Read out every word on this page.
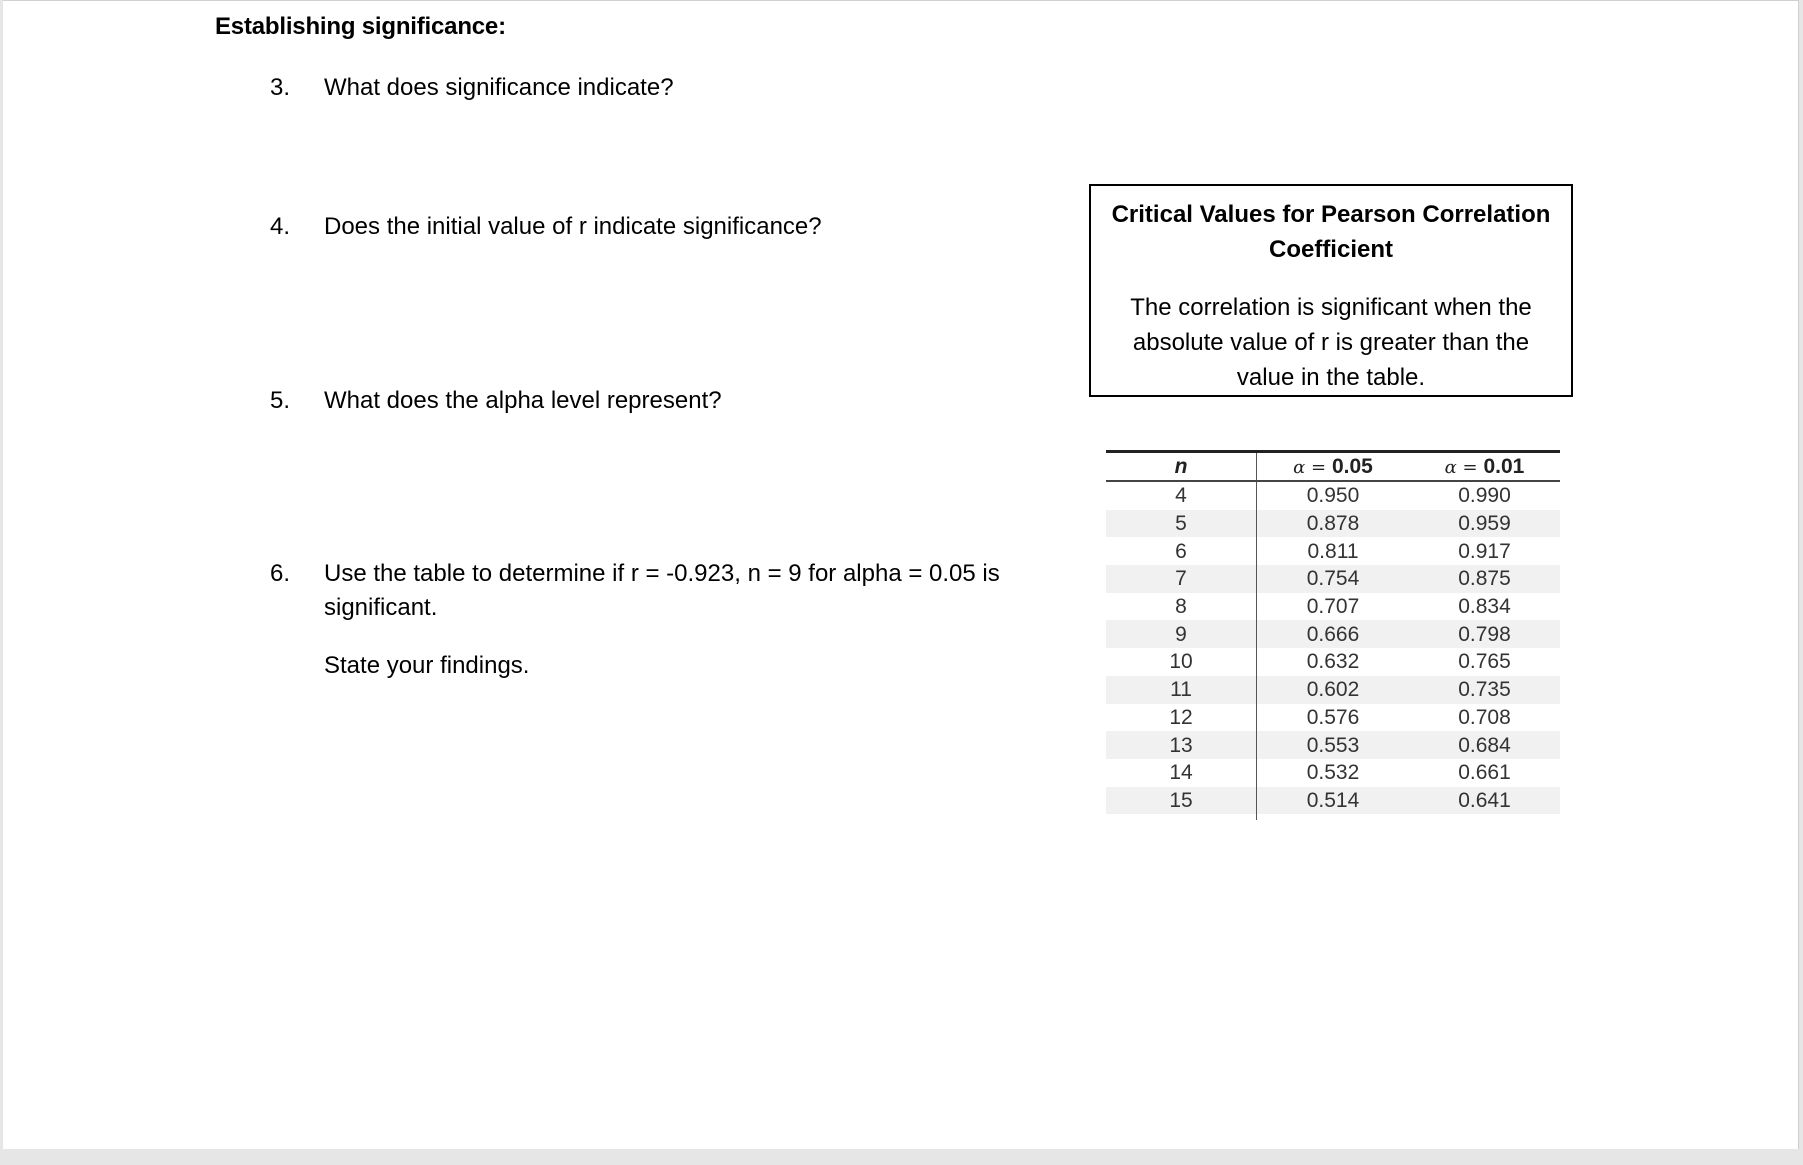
Establishing significance:
3. What does significance indicate?
4. Does the initial value of r indicate significance?
5. What does the alpha level represent?
6. Use the table to determine if r = -0.923, n = 9 for alpha = 0.05 is significant.
State your findings.
Critical Values for Pearson Correlation Coefficient
The correlation is significant when the absolute value of r is greater than the value in the table.
n	α = 0.05	α = 0.01
4	0.950	0.990
5	0.878	0.959
6	0.811	0.917
7	0.754	0.875
8	0.707	0.834
9	0.666	0.798
10	0.632	0.765
11	0.602	0.735
12	0.576	0.708
13	0.553	0.684
14	0.532	0.661
15	0.514	0.641
